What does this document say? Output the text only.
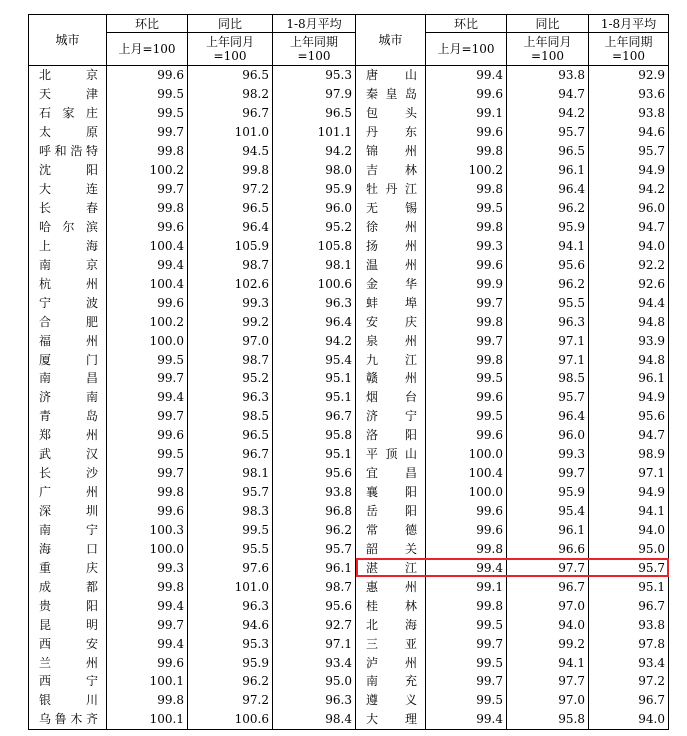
城市	环比	同比	1-8月平均	城市	环比	同比	1-8月平均
	上月=100	上年同月
=100	上年同期
=100		上月=100	上年同月
=100	上年同期
=100
北京	99.6	96.5	95.3	唐山	99.4	93.8	92.9
天津	99.5	98.2	97.9	秦皇岛	99.6	94.7	93.6
石家庄	99.5	96.7	96.5	包头	99.1	94.2	93.8
太原	99.7	101.0	101.1	丹东	99.6	95.7	94.6
呼和浩特	99.8	94.5	94.2	锦州	99.8	96.5	95.7
沈阳	100.2	99.8	98.0	吉林	100.2	96.1	94.9
大连	99.7	97.2	95.9	牡丹江	99.8	96.4	94.2
长春	99.8	96.5	96.0	无锡	99.5	96.2	96.0
哈尔滨	99.6	96.4	95.2	徐州	99.8	95.9	94.7
上海	100.4	105.9	105.8	扬州	99.3	94.1	94.0
南京	99.4	98.7	98.1	温州	99.6	95.6	92.2
杭州	100.4	102.6	100.6	金华	99.9	96.2	92.6
宁波	99.6	99.3	96.3	蚌埠	99.7	95.5	94.4
合肥	100.2	99.2	96.4	安庆	99.8	96.3	94.8
福州	100.0	97.0	94.2	泉州	99.7	97.1	93.9
厦门	99.5	98.7	95.4	九江	99.8	97.1	94.8
南昌	99.7	95.2	95.1	赣州	99.5	98.5	96.1
济南	99.4	96.3	95.1	烟台	99.6	95.7	94.9
青岛	99.7	98.5	96.7	济宁	99.5	96.4	95.6
郑州	99.6	96.5	95.8	洛阳	99.6	96.0	94.7
武汉	99.5	96.7	95.1	平顶山	100.0	99.3	98.9
长沙	99.7	98.1	95.6	宜昌	100.4	99.7	97.1
广州	99.8	95.7	93.8	襄阳	100.0	95.9	94.9
深圳	99.6	98.3	96.8	岳阳	99.6	95.4	94.1
南宁	100.3	99.5	96.2	常德	99.6	96.1	94.0
海口	100.0	95.5	95.7	韶关	99.8	96.6	95.0
重庆	99.3	97.6	96.1	湛江	99.4	97.7	95.7
成都	99.8	101.0	98.7	惠州	99.1	96.7	95.1
贵阳	99.4	96.3	95.6	桂林	99.8	97.0	96.7
昆明	99.7	94.6	92.7	北海	99.5	94.0	93.8
西安	99.4	95.3	97.1	三亚	99.7	99.2	97.8
兰州	99.6	95.9	93.4	泸州	99.5	94.1	93.4
西宁	100.1	96.2	95.0	南充	99.7	97.7	97.2
银川	99.8	97.2	96.3	遵义	99.5	97.0	96.7
乌鲁木齐	100.1	100.6	98.4	大理	99.4	95.8	94.0
